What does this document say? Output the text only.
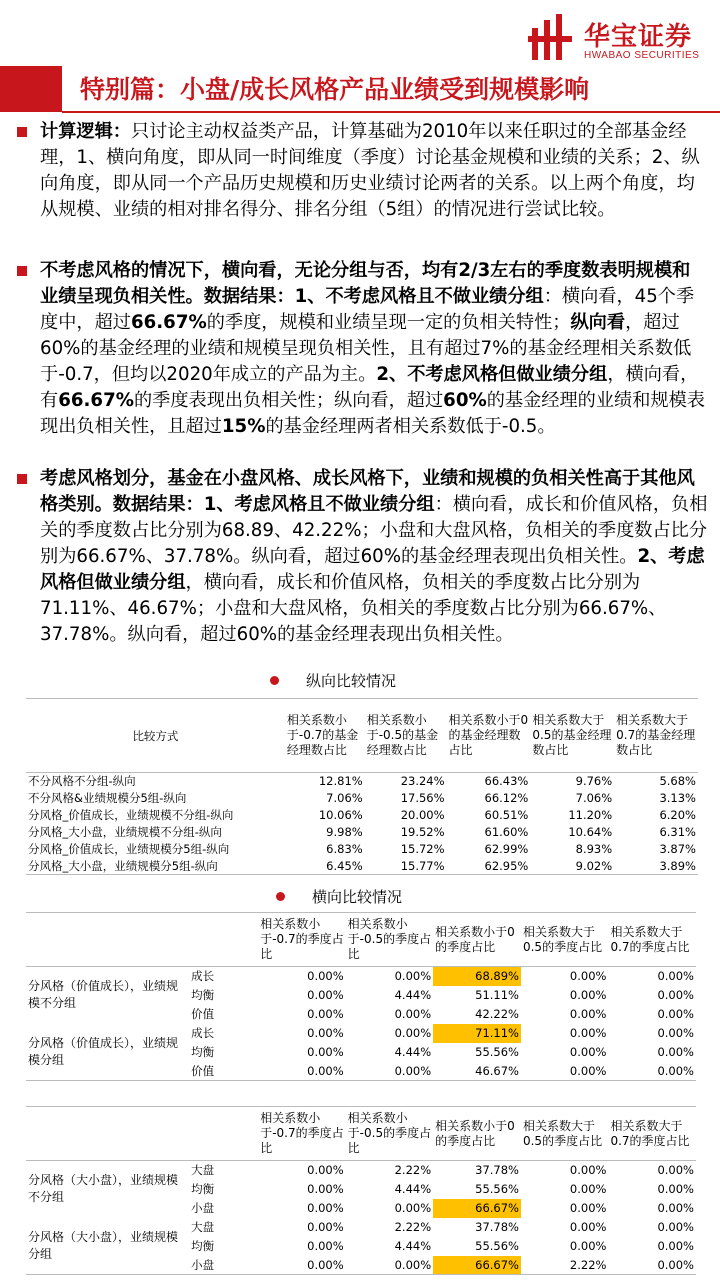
华宝证券
HWABAO SECURITIES
特别篇：小盘/成长风格产品业绩受到规模影响
计算逻辑：只讨论主动权益类产品，计算基础为2010年以来任职过的全部基金经理，1、横向角度，即从同一时间维度（季度）讨论基金规模和业绩的关系；2、纵向角度，即从同一个产品历史规模和历史业绩讨论两者的关系。以上两个角度，均从规模、业绩的相对排名得分、排名分组（5组）的情况进行尝试比较。
不考虑风格的情况下，横向看，无论分组与否，均有2/3左右的季度数表明规模和业绩呈现负相关性。数据结果：1、不考虑风格且不做业绩分组：横向看，45个季度中，超过66.67%的季度，规模和业绩呈现一定的负相关特性；纵向看，超过60%的基金经理的业绩和规模呈现负相关性，且有超过7%的基金经理相关系数低于-0.7，但均以2020年成立的产品为主。2、不考虑风格但做业绩分组，横向看，有66.67%的季度表现出负相关性；纵向看，超过60%的基金经理的业绩和规模表现出负相关性，且超过15%的基金经理两者相关系数低于-0.5。
考虑风格划分，基金在小盘风格、成长风格下，业绩和规模的负相关性高于其他风格类别。数据结果：1、考虑风格且不做业绩分组：横向看，成长和价值风格，负相关的季度数占比分别为68.89、42.22%；小盘和大盘风格，负相关的季度数占比分别为66.67%、37.78%。纵向看，超过60%的基金经理表现出负相关性。2、考虑风格但做业绩分组，横向看，成长和价值风格，负相关的季度数占比分别为71.11%、46.67%；小盘和大盘风格，负相关的季度数占比分别为66.67%、37.78%。纵向看，超过60%的基金经理表现出负相关性。
纵向比较情况
比较方式	相关系数小于-0.7的基金经理数占比	相关系数小于-0.5的基金经理数占比	相关系数小于0的基金经理数占比	相关系数大于0.5的基金经理数占比	相关系数大于0.7的基金经理数占比
不分风格不分组-纵向	12.81%	23.24%	66.43%	9.76%	5.68%
不分风格&业绩规模分5组-纵向	7.06%	17.56%	66.12%	7.06%	3.13%
分风格_价值成长，业绩规模不分组-纵向	10.06%	20.00%	60.51%	11.20%	6.20%
分风格_大小盘，业绩规模不分组-纵向	9.98%	19.52%	61.60%	10.64%	6.31%
分风格_价值成长，业绩规模分5组-纵向	6.83%	15.72%	62.99%	8.93%	3.87%
分风格_大小盘，业绩规模分5组-纵向	6.45%	15.77%	62.95%	9.02%	3.89%
横向比较情况
		相关系数小于-0.7的季度占比	相关系数小于-0.5的季度占比	相关系数小于0的季度占比	相关系数大于0.5的季度占比	相关系数大于0.7的季度占比
分风格（价值成长），业绩规模不分组	成长	0.00%	0.00%	68.89%	0.00%	0.00%
	均衡	0.00%	4.44%	51.11%	0.00%	0.00%
	价值	0.00%	0.00%	42.22%	0.00%	0.00%
分风格（价值成长），业绩规模分组	成长	0.00%	0.00%	71.11%	0.00%	0.00%
	均衡	0.00%	4.44%	55.56%	0.00%	0.00%
	价值	0.00%	0.00%	46.67%	0.00%	0.00%
		相关系数小于-0.7的季度占比	相关系数小于-0.5的季度占比	相关系数小于0的季度占比	相关系数大于0.5的季度占比	相关系数大于0.7的季度占比
分风格（大小盘），业绩规模不分组	大盘	0.00%	2.22%	37.78%	0.00%	0.00%
	均衡	0.00%	4.44%	55.56%	0.00%	0.00%
	小盘	0.00%	0.00%	66.67%	0.00%	0.00%
分风格（大小盘），业绩规模分组	大盘	0.00%	2.22%	37.78%	0.00%	0.00%
	均衡	0.00%	4.44%	55.56%	0.00%	0.00%
	小盘	0.00%	0.00%	66.67%	2.22%	0.00%
